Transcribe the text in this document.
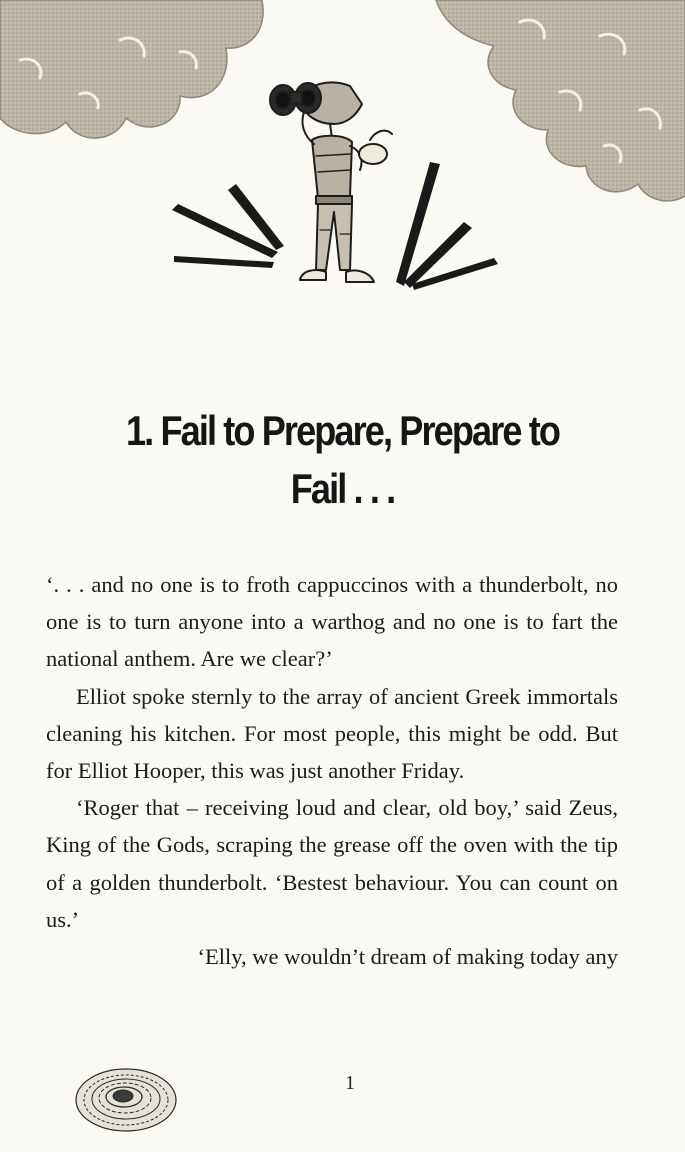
1. Fail to Prepare, Prepare to
Fail . . .

‘. . . and no one is to froth cappuccinos with a thunderbolt, no one is to turn anyone into a warthog and no one is to fart the national anthem. Are we clear?’

Elliot spoke sternly to the array of ancient Greek immortals cleaning his kitchen. For most people, this might be odd. But for Elliot Hooper, this was just another Friday.

‘Roger that – receiving loud and clear, old boy,’ said Zeus, King of the Gods, scraping the grease off the oven with the tip of a golden thunderbolt. ‘Bestest behaviour. You can count on us.’

‘Elly, we wouldn’t dream of making today any

1
